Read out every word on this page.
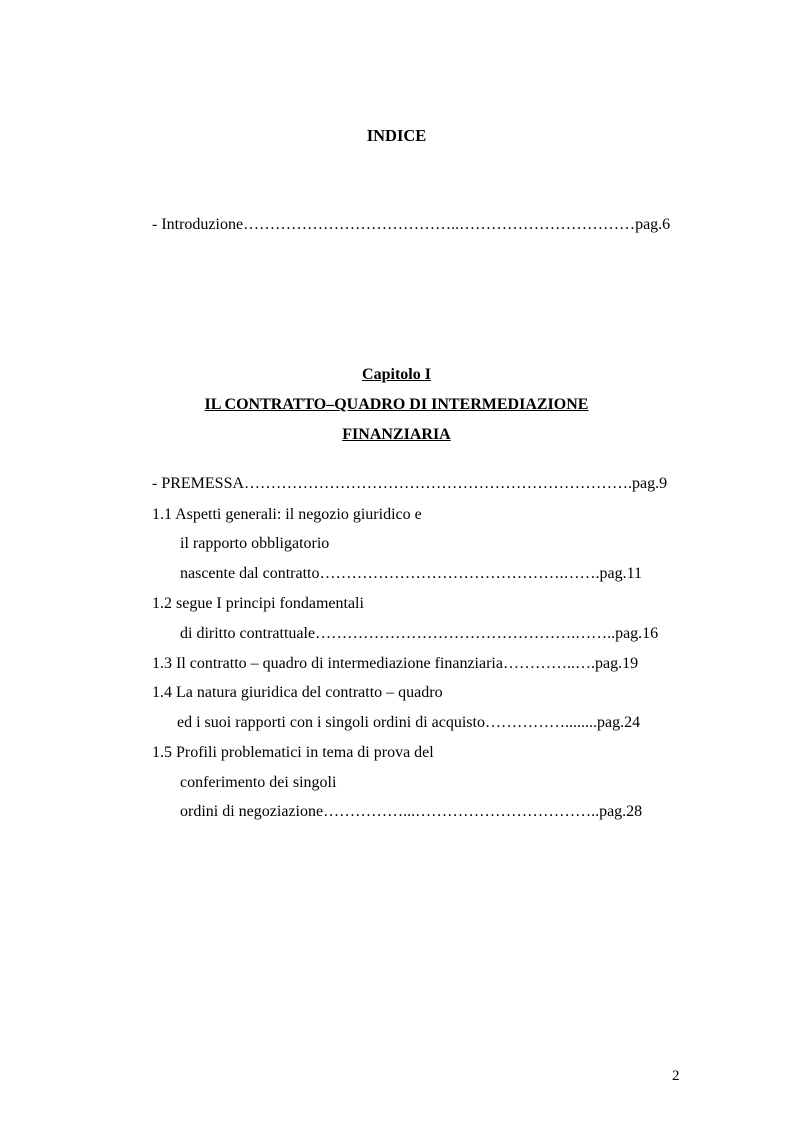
INDICE
- Introduzione…………………………………..……………………………pag.6
Capitolo I
IL CONTRATTO–QUADRO DI INTERMEDIAZIONE
FINANZIARIA
- PREMESSA……………………………………………………………….pag.9
1.1 Aspetti generali: il negozio giuridico e
il rapporto obbligatorio
nascente dal contratto……………………………………….…….pag.11
1.2 segue I principi fondamentali
di diritto contrattuale………………………………………….……..pag.16
1.3 Il contratto – quadro di intermediazione finanziaria…………..….pag.19
1.4 La natura giuridica del contratto – quadro
ed i suoi rapporti con i singoli ordini di acquisto……………........pag.24
1.5 Profili problematici in tema di prova del
conferimento dei singoli
ordini di negoziazione……………...……………………………..pag.28
2
